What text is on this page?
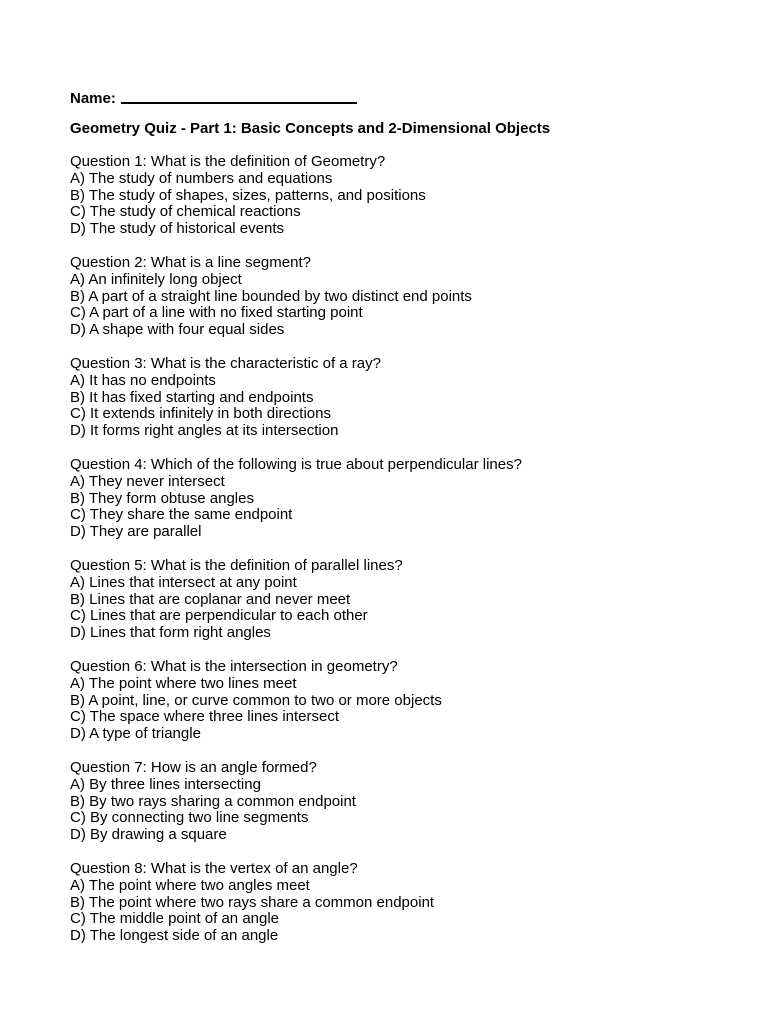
Name:
Geometry Quiz - Part 1: Basic Concepts and 2-Dimensional Objects
Question 1: What is the definition of Geometry?
A) The study of numbers and equations
B) The study of shapes, sizes, patterns, and positions
C) The study of chemical reactions
D) The study of historical events
Question 2: What is a line segment?
A) An infinitely long object
B) A part of a straight line bounded by two distinct end points
C) A part of a line with no fixed starting point
D) A shape with four equal sides
Question 3: What is the characteristic of a ray?
A) It has no endpoints
B) It has fixed starting and endpoints
C) It extends infinitely in both directions
D) It forms right angles at its intersection
Question 4: Which of the following is true about perpendicular lines?
A) They never intersect
B) They form obtuse angles
C) They share the same endpoint
D) They are parallel
Question 5: What is the definition of parallel lines?
A) Lines that intersect at any point
B) Lines that are coplanar and never meet
C) Lines that are perpendicular to each other
D) Lines that form right angles
Question 6: What is the intersection in geometry?
A) The point where two lines meet
B) A point, line, or curve common to two or more objects
C) The space where three lines intersect
D) A type of triangle
Question 7: How is an angle formed?
A) By three lines intersecting
B) By two rays sharing a common endpoint
C) By connecting two line segments
D) By drawing a square
Question 8: What is the vertex of an angle?
A) The point where two angles meet
B) The point where two rays share a common endpoint
C) The middle point of an angle
D) The longest side of an angle
